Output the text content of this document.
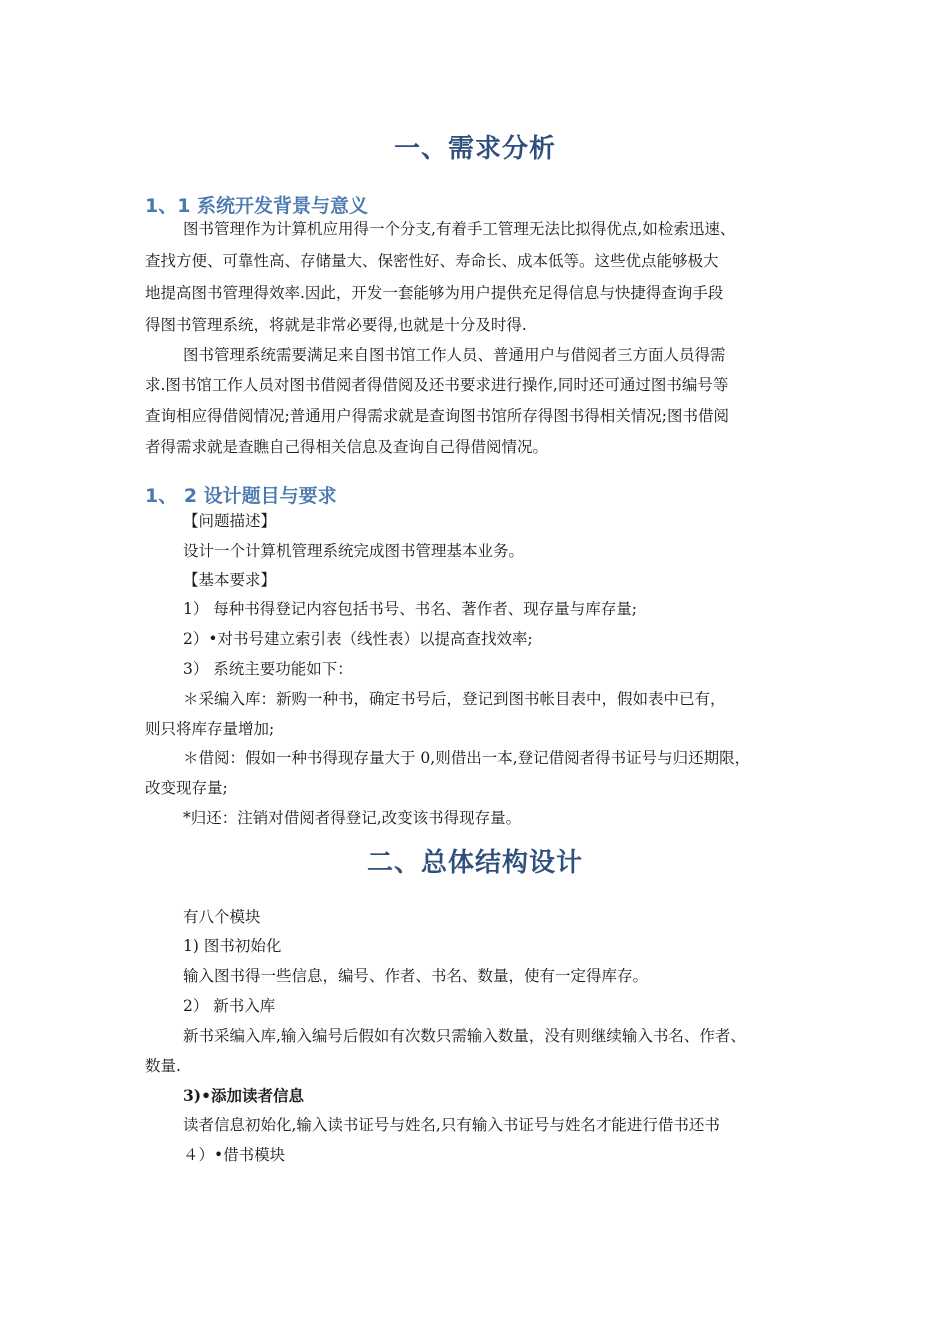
一、需求分析
1、1 系统开发背景与意义
图书管理作为计算机应用得一个分支,有着手工管理无法比拟得优点,如检索迅速、
查找方便、可靠性高、存储量大、保密性好、寿命长、成本低等。这些优点能够极大
地提高图书管理得效率.因此，开发一套能够为用户提供充足得信息与快捷得查询手段
得图书管理系统，将就是非常必要得,也就是十分及时得.
图书管理系统需要满足来自图书馆工作人员、普通用户与借阅者三方面人员得需
求.图书馆工作人员对图书借阅者得借阅及还书要求进行操作,同时还可通过图书编号等
查询相应得借阅情况;普通用户得需求就是查询图书馆所存得图书得相关情况;图书借阅
者得需求就是查瞧自己得相关信息及查询自己得借阅情况。
1、 2 设计题目与要求
【问题描述】
设计一个计算机管理系统完成图书管理基本业务。
【基本要求】
1） 每种书得登记内容包括书号、书名、著作者、现存量与库存量;
2）•对书号建立索引表（线性表）以提高查找效率;
3） 系统主要功能如下：
＊采编入库：新购一种书，确定书号后，登记到图书帐目表中，假如表中已有，
则只将库存量增加;
＊借阅：假如一种书得现存量大于 0,则借出一本,登记借阅者得书证号与归还期限，
改变现存量;
*归还：注销对借阅者得登记,改变该书得现存量。
二、总体结构设计
有八个模块
1) 图书初始化
输入图书得一些信息，编号、作者、书名、数量，使有一定得库存。
2） 新书入库
新书采编入库,输入编号后假如有次数只需输入数量，没有则继续输入书名、作者、
数量.
3)•添加读者信息
读者信息初始化,输入读书证号与姓名,只有输入书证号与姓名才能进行借书还书
４）•借书模块
